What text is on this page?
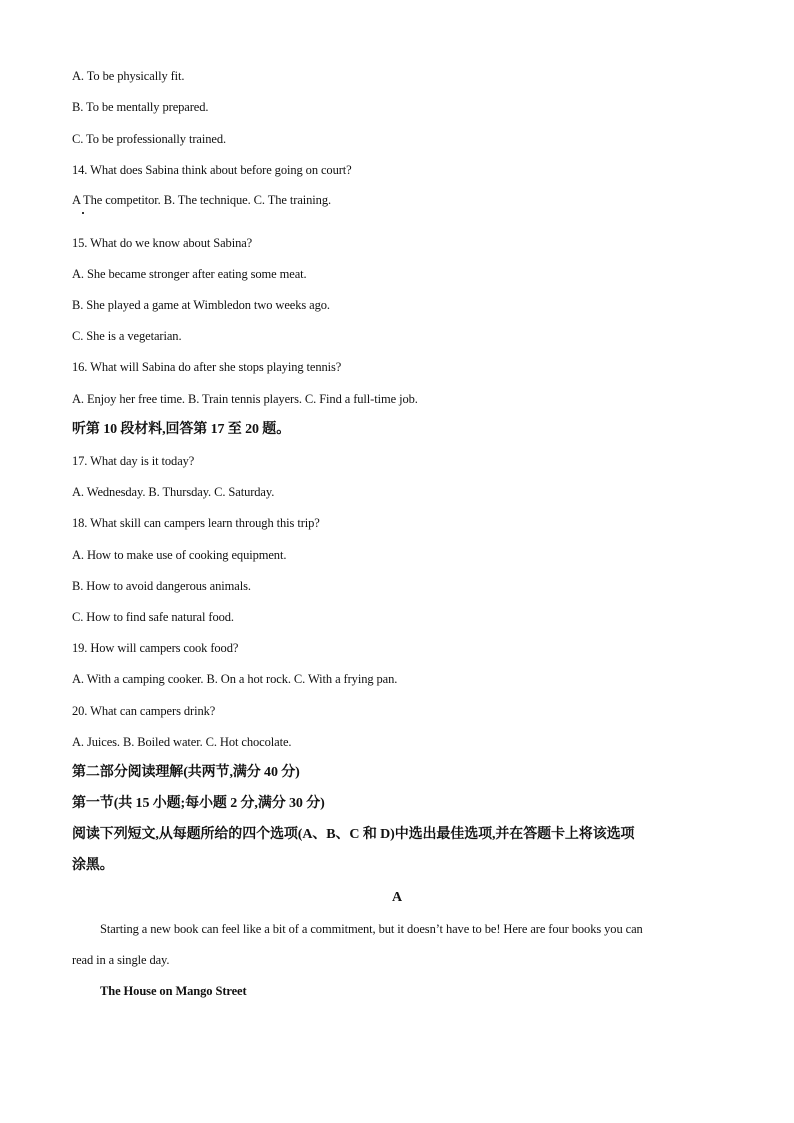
A. To be physically fit.
B. To be mentally prepared.
C. To be professionally trained.
14. What does Sabina think about before going on court?
A The competitor. B. The technique. C. The training.
15. What do we know about Sabina?
A. She became stronger after eating some meat.
B. She played a game at Wimbledon two weeks ago.
C. She is a vegetarian.
16. What will Sabina do after she stops playing tennis?
A. Enjoy her free time. B. Train tennis players. C. Find a full-time job.
听第 10 段材料,回答第 17 至 20 题。
17. What day is it today?
A. Wednesday. B. Thursday. C. Saturday.
18. What skill can campers learn through this trip?
A. How to make use of cooking equipment.
B. How to avoid dangerous animals.
C. How to find safe natural food.
19. How will campers cook food?
A. With a camping cooker. B. On a hot rock. C. With a frying pan.
20. What can campers drink?
A. Juices. B. Boiled water. C. Hot chocolate.
第二部分阅读理解(共两节,满分 40 分)
第一节(共 15 小题;每小题 2 分,满分 30 分)
阅读下列短文,从每题所给的四个选项(A、B、C 和 D)中选出最佳选项,并在答题卡上将该选项
涂黑。
A
Starting a new book can feel like a bit of a commitment, but it doesn’t have to be! Here are four books you can
read in a single day.
The House on Mango Street
